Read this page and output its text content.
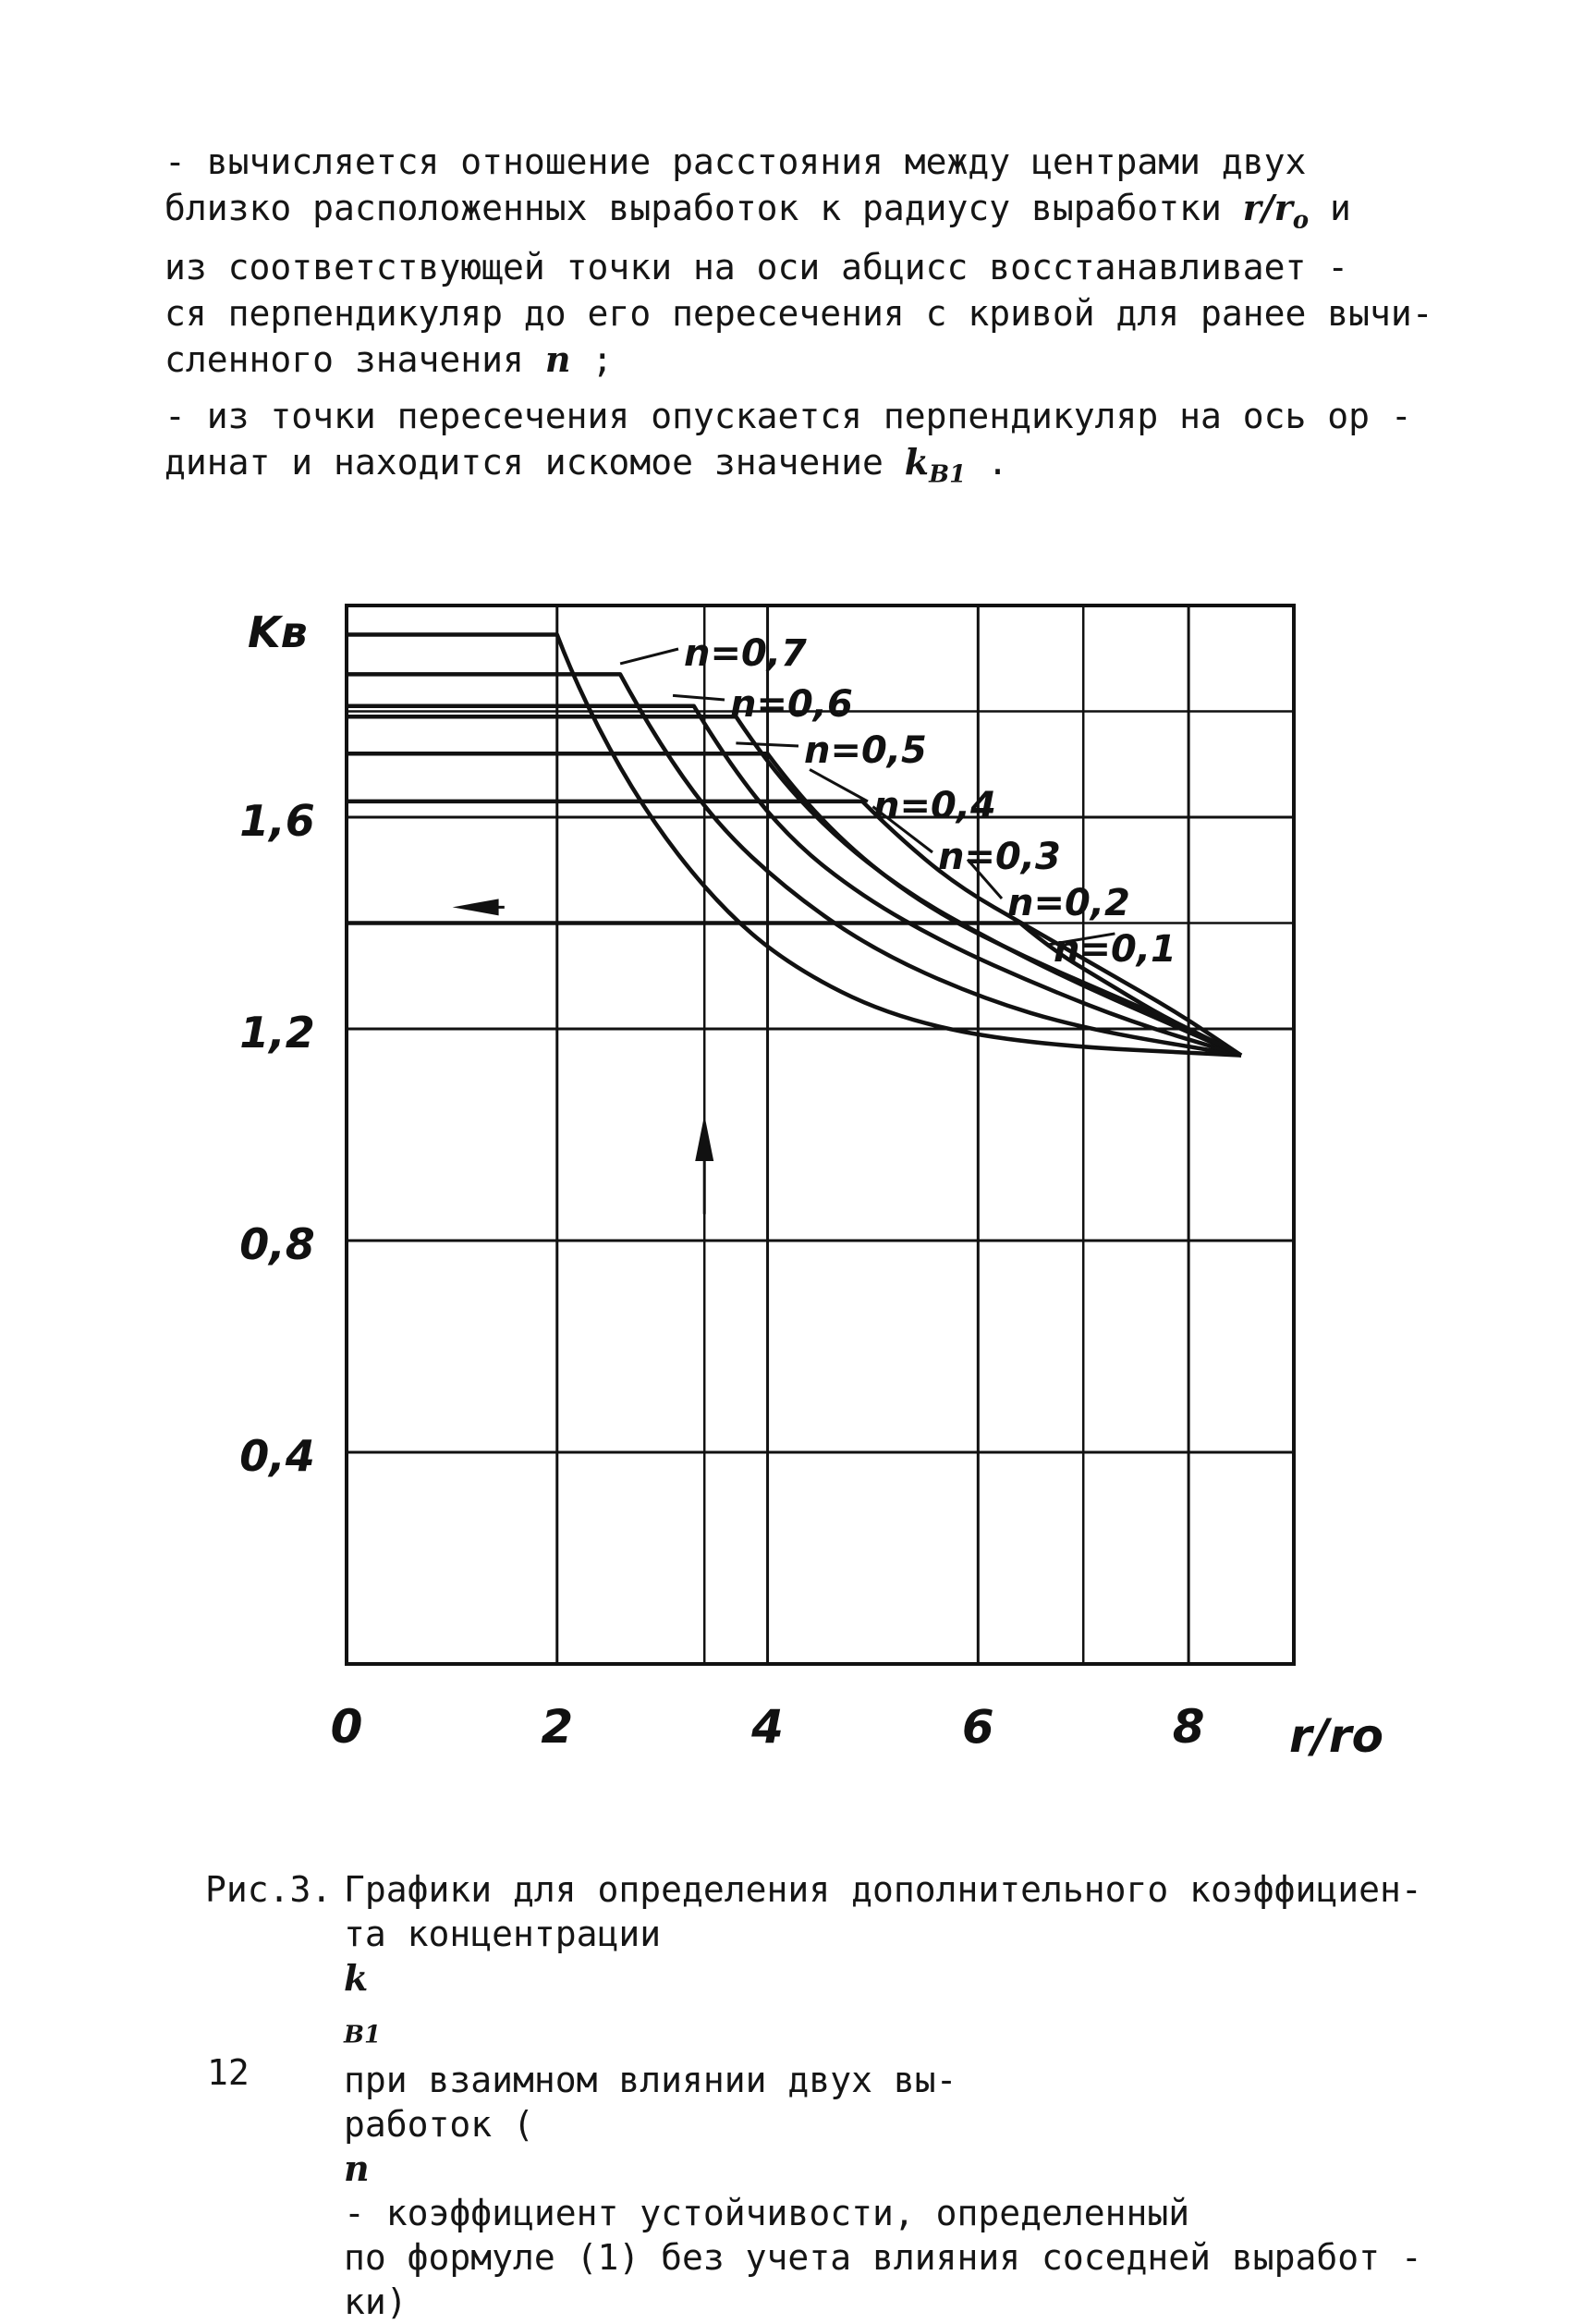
- вычисляется отношение расстояния между центрами двух
близко расположенных выработок к радиусу выработки $r/r_o$ и
из соответствующей точки на оси абцисс восстанавливает -
ся перпендикуляр до его пересечения с кривой для ранее вычи-
сленного значения n ;
- из точки пересечения опускается перпендикуляр на ось ор -
динат и находится искомое значение $k_{B1}$ .
0	2	4	6	8
0,4
0,8
1,2
1,6
n=0,7
n=0,6
n=0,5
n=0,4
n=0,3
n=0,2
n=0,1
Kв
r/ro
Рис.3. Графики для определения дополнительного коэффициен-
та концентрации
k
$_{B1}$
при взаимном влиянии двух вы-
работок (
n
- коэффициент устойчивости, определенный
по формуле (1) без учета влияния соседней выработ -
ки)
12
